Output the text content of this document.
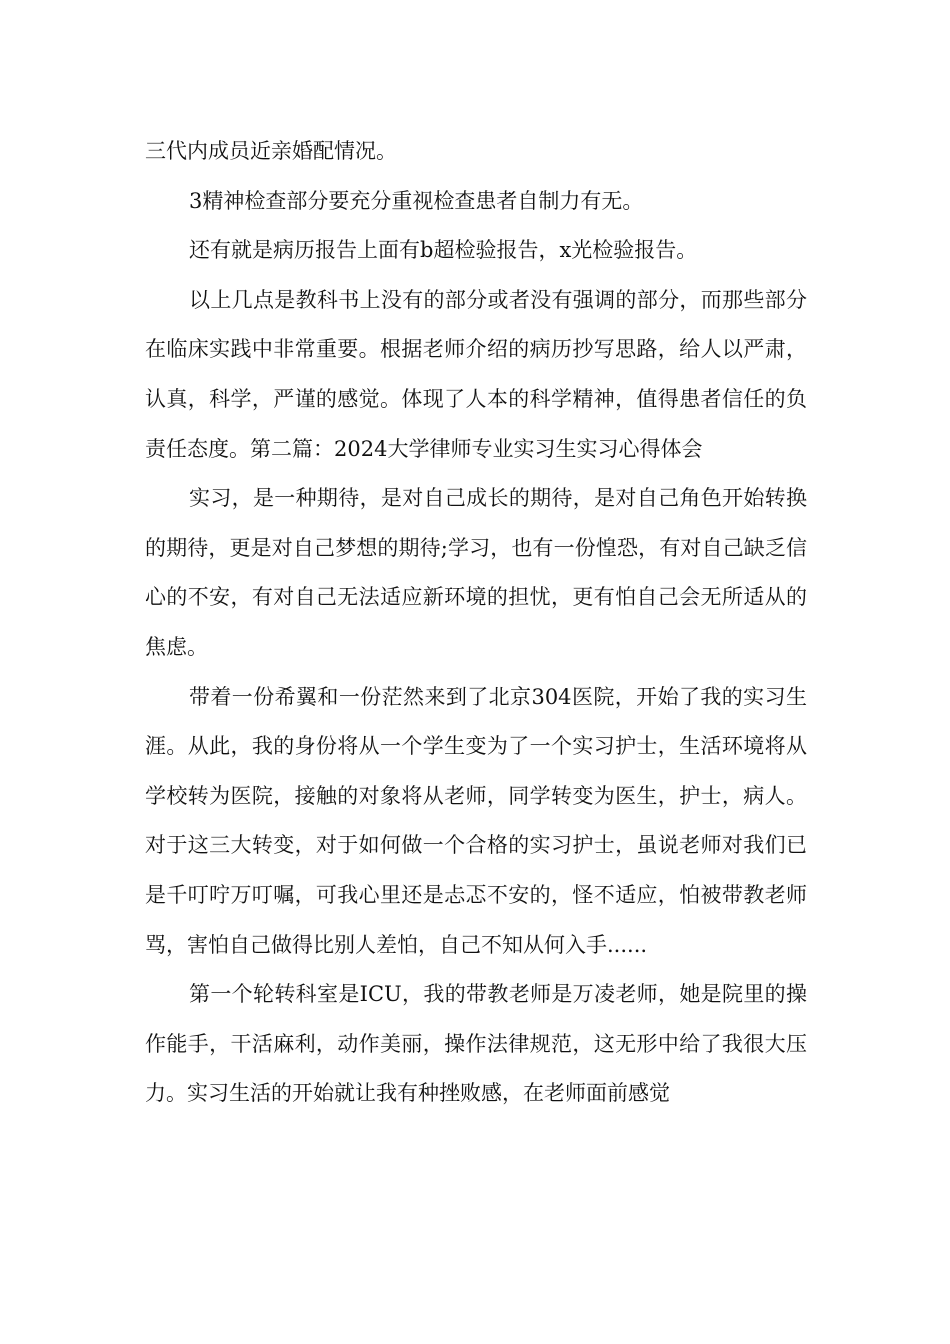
三代内成员近亲婚配情况。

3精神检查部分要充分重视检查患者自制力有无。

还有就是病历报告上面有b超检验报告，x光检验报告。

以上几点是教科书上没有的部分或者没有强调的部分，而那些部分在临床实践中非常重要。根据老师介绍的病历抄写思路，给人以严肃，认真，科学，严谨的感觉。体现了人本的科学精神，值得患者信任的负责任态度。第二篇：2024大学律师专业实习生实习心得体会

实习，是一种期待，是对自己成长的期待，是对自己角色开始转换的期待，更是对自己梦想的期待;学习，也有一份惶恐，有对自己缺乏信心的不安，有对自己无法适应新环境的担忧，更有怕自己会无所适从的焦虑。

带着一份希翼和一份茫然来到了北京304医院，开始了我的实习生涯。从此，我的身份将从一个学生变为了一个实习护士，生活环境将从学校转为医院，接触的对象将从老师，同学转变为医生，护士，病人。对于这三大转变，对于如何做一个合格的实习护士，虽说老师对我们已是千叮咛万叮嘱，可我心里还是忐忑不安的，怪不适应，怕被带教老师骂，害怕自己做得比别人差怕，自己不知从何入手......

第一个轮转科室是ICU，我的带教老师是万凌老师，她是院里的操作能手，干活麻利，动作美丽，操作法律规范，这无形中给了我很大压力。实习生活的开始就让我有种挫败感，在老师面前感觉
